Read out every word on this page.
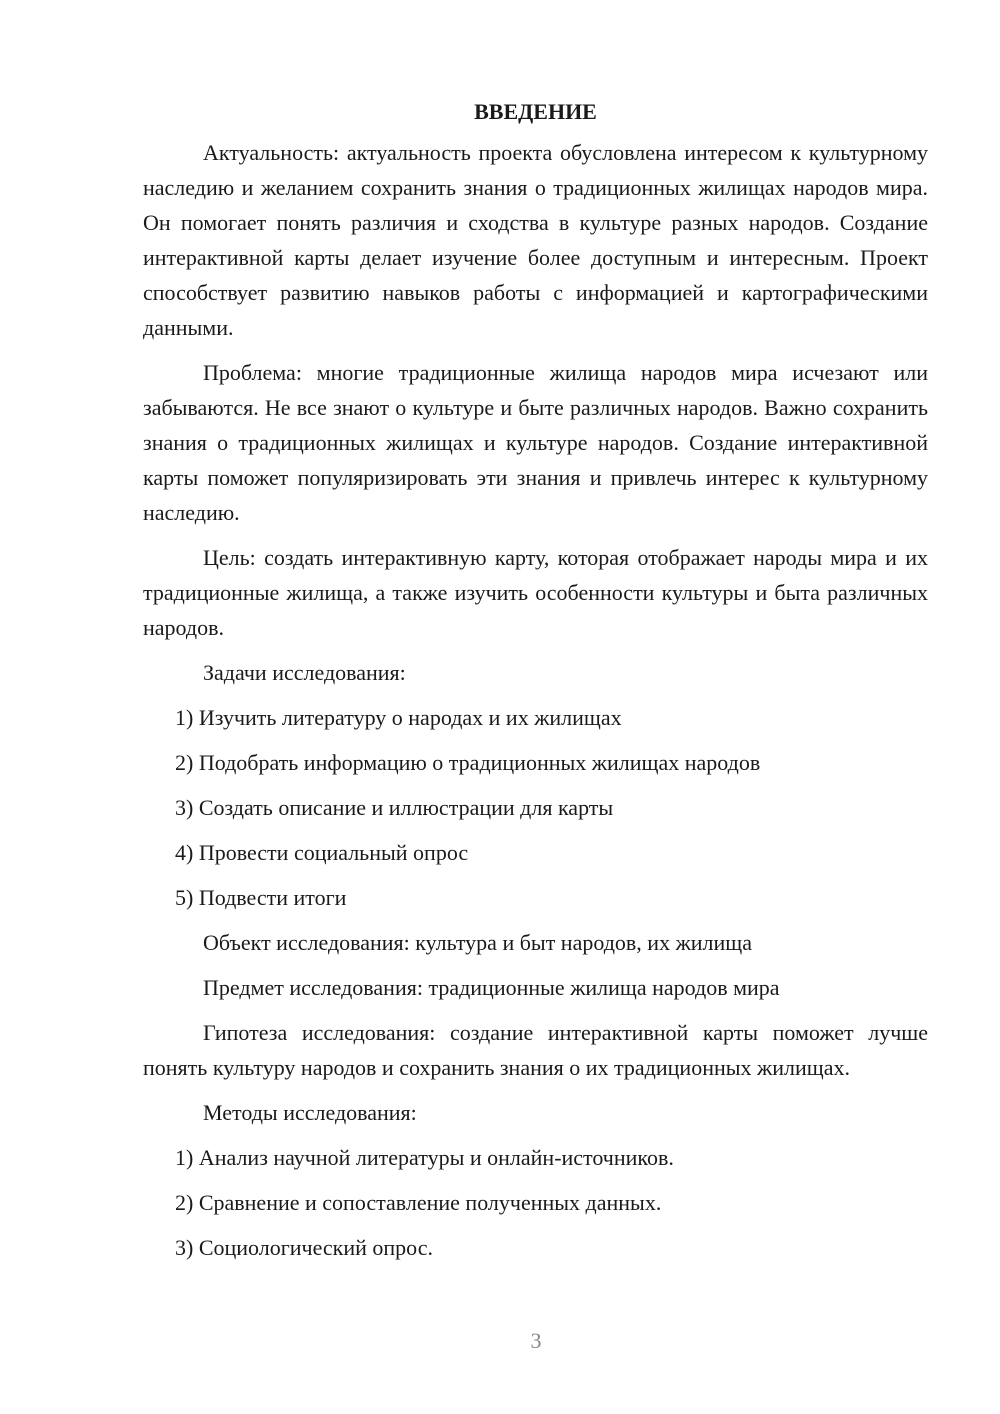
ВВЕДЕНИЕ

Актуальность: актуальность проекта обусловлена интересом к культурному наследию и желанием сохранить знания о традиционных жилищах народов мира. Он помогает понять различия и сходства в культуре разных народов. Создание интерактивной карты делает изучение более доступным и интересным. Проект способствует развитию навыков работы с информацией и картографическими данными.

Проблема: многие традиционные жилища народов мира исчезают или забываются. Не все знают о культуре и быте различных народов. Важно сохранить знания о традиционных жилищах и культуре народов. Создание интерактивной карты поможет популяризировать эти знания и привлечь интерес к культурному наследию.

Цель: создать интерактивную карту, которая отображает народы мира и их традиционные жилища, а также изучить особенности культуры и быта различных народов.

Задачи исследования:
1) Изучить литературу о народах и их жилищах
2) Подобрать информацию о традиционных жилищах народов
3) Создать описание и иллюстрации для карты
4) Провести социальный опрос
5) Подвести итоги
Объект исследования: культура и быт народов, их жилища
Предмет исследования: традиционные жилища народов мира

Гипотеза исследования: создание интерактивной карты поможет лучше понять культуру народов и сохранить знания о их традиционных жилищах.

Методы исследования:
1) Анализ научной литературы и онлайн-источников.
2) Сравнение и сопоставление полученных данных.
3) Социологический опрос.
3
